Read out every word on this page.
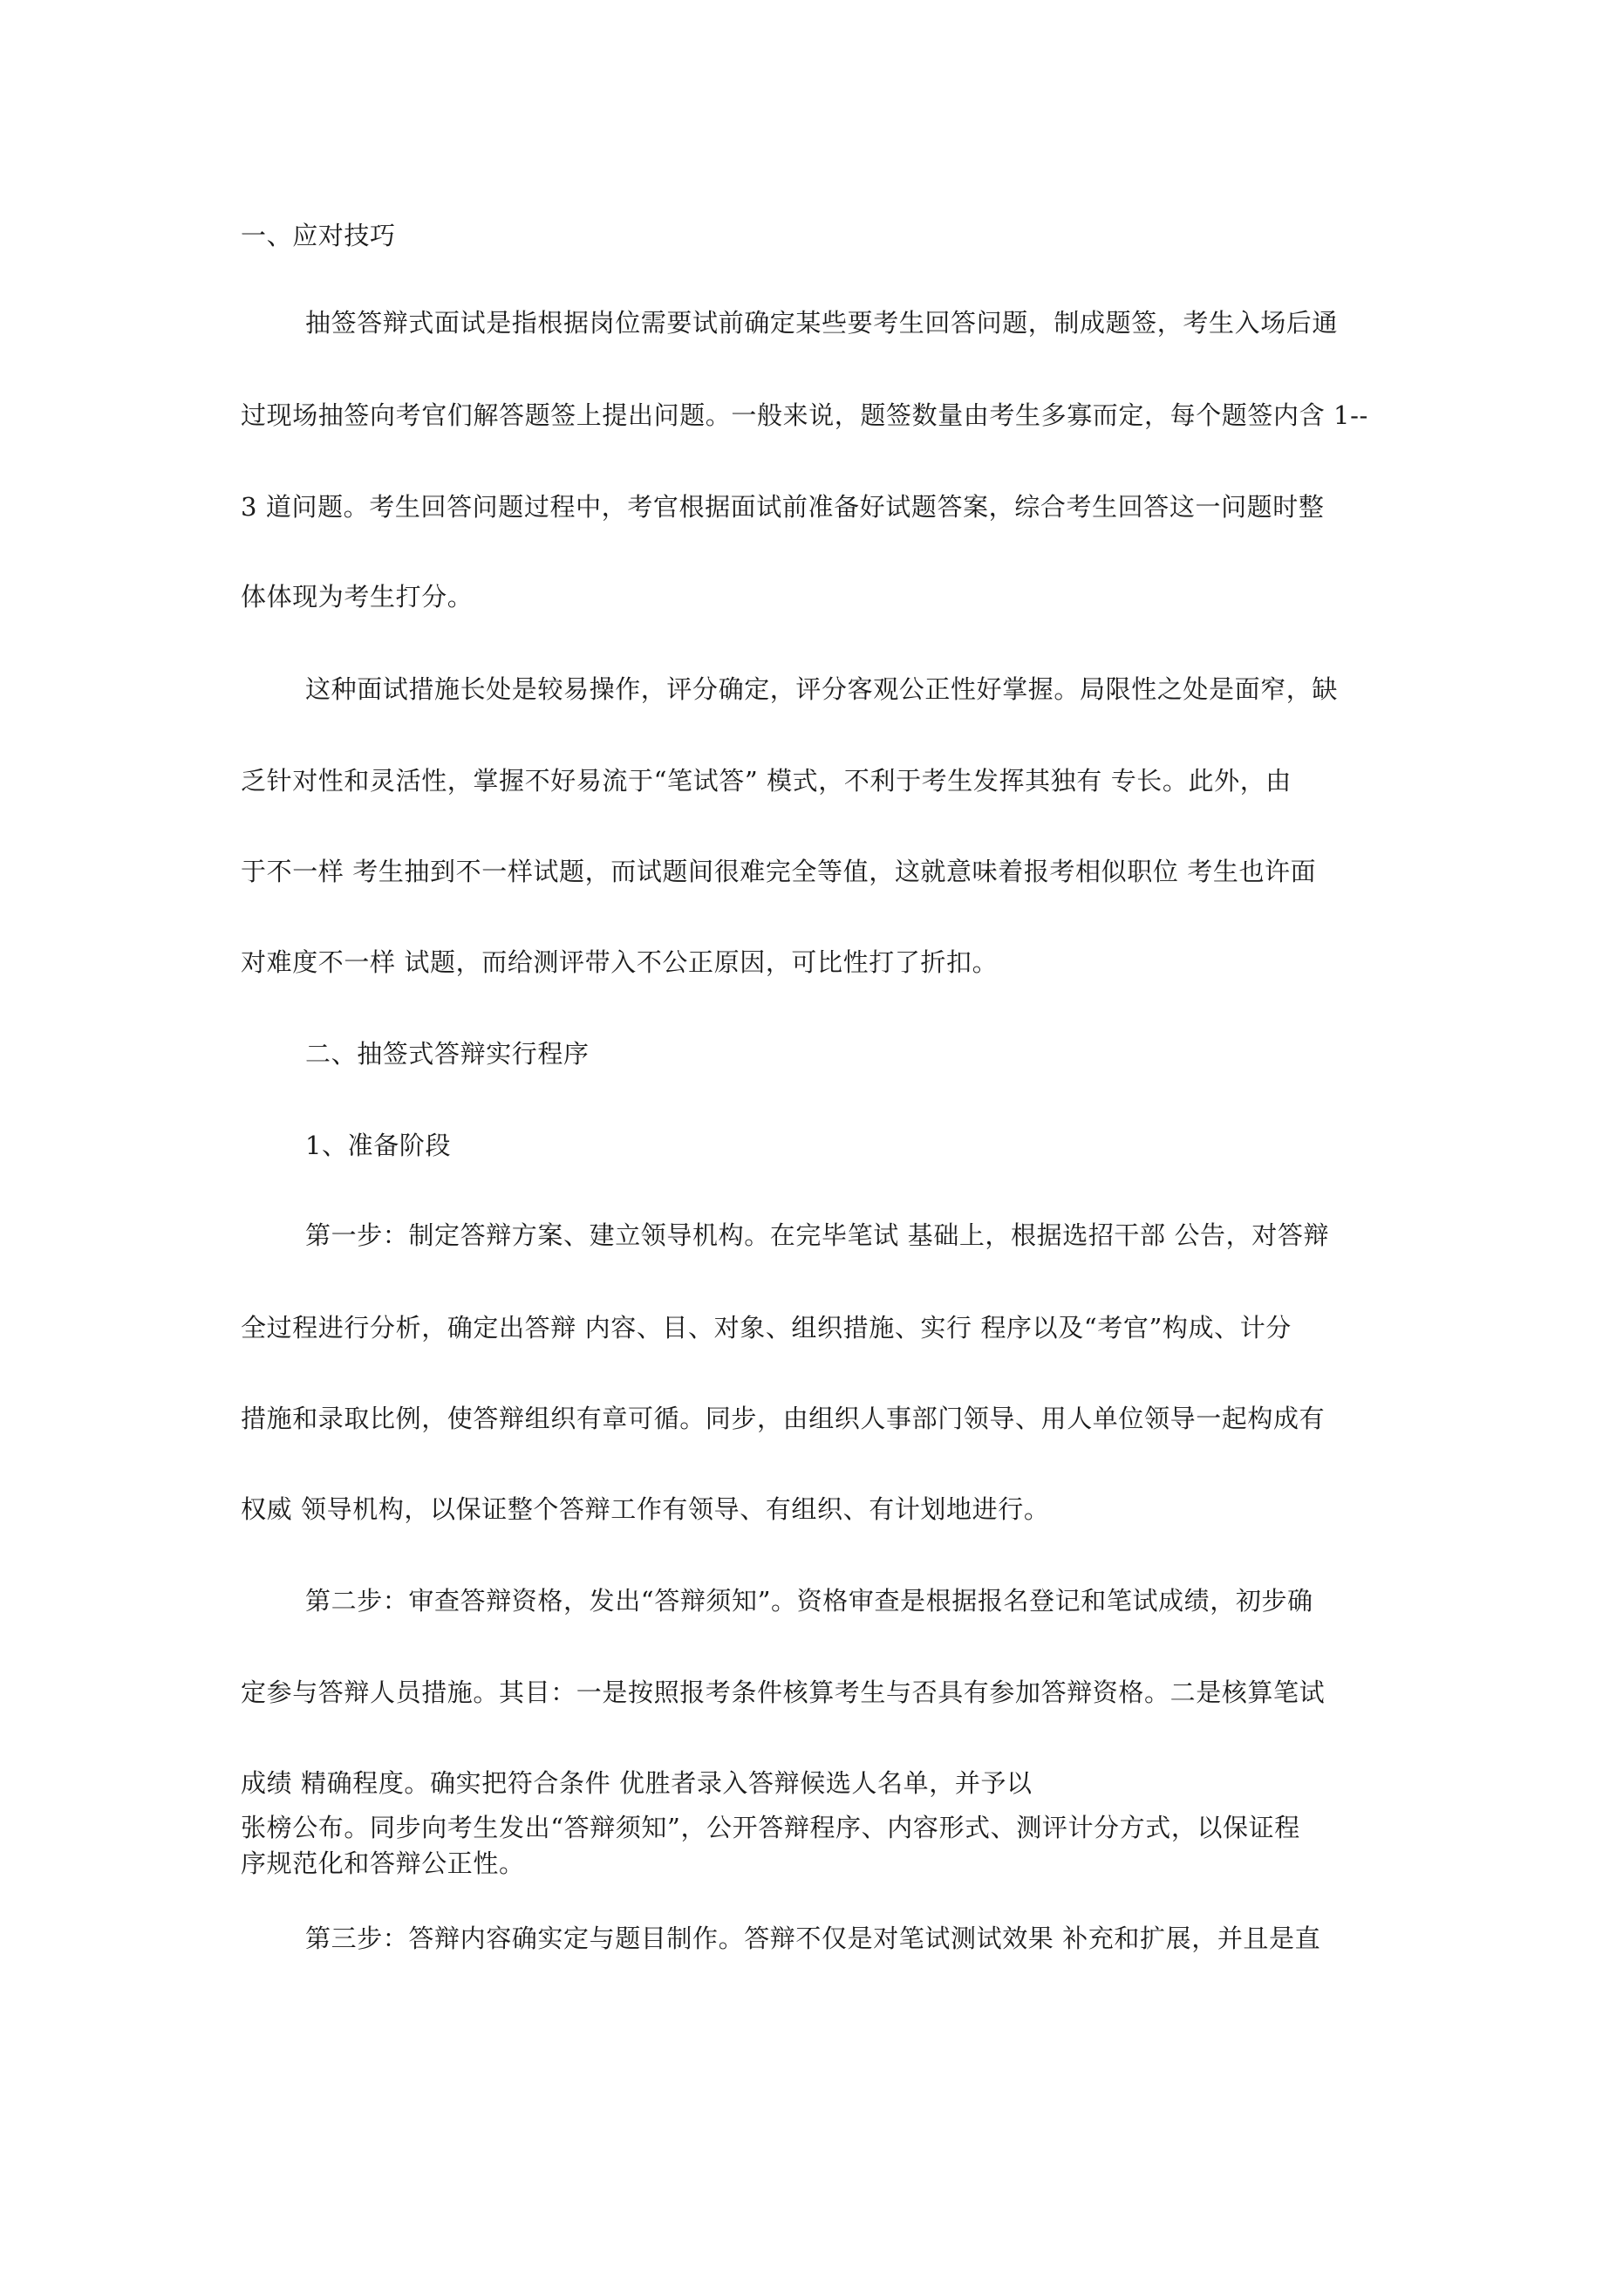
一、应对技巧
抽签答辩式面试是指根据岗位需要试前确定某些要考生回答问题，制成题签，考生入场后通
过现场抽签向考官们解答题签上提出问题。一般来说，题签数量由考生多寡而定，每个题签内含 1--
3 道问题。考生回答问题过程中，考官根据面试前准备好试题答案，综合考生回答这一问题时整
体体现为考生打分。
这种面试措施长处是较易操作，评分确定，评分客观公正性好掌握。局限性之处是面窄，缺
乏针对性和灵活性，掌握不好易流于“笔试答” 模式，不利于考生发挥其独有 专长。此外，由
于不一样 考生抽到不一样试题，而试题间很难完全等值，这就意味着报考相似职位 考生也许面
对难度不一样 试题，而给测评带入不公正原因，可比性打了折扣。
二、抽签式答辩实行程序
1、准备阶段
第一步：制定答辩方案、建立领导机构。在完毕笔试 基础上，根据选招干部 公告，对答辩
全过程进行分析，确定出答辩 内容、目、对象、组织措施、实行 程序以及“考官”构成、计分
措施和录取比例，使答辩组织有章可循。同步，由组织人事部门领导、用人单位领导一起构成有
权威 领导机构，以保证整个答辩工作有领导、有组织、有计划地进行。
第二步：审查答辩资格，发出“答辩须知”。资格审查是根据报名登记和笔试成绩，初步确
定参与答辩人员措施。其目：一是按照报考条件核算考生与否具有参加答辩资格。二是核算笔试
成绩 精确程度。确实把符合条件 优胜者录入答辩候选人名单，并予以
张榜公布。同步向考生发出“答辩须知”，公开答辩程序、内容形式、测评计分方式，以保证程
序规范化和答辩公正性。
第三步：答辩内容确实定与题目制作。答辩不仅是对笔试测试效果 补充和扩展，并且是直
